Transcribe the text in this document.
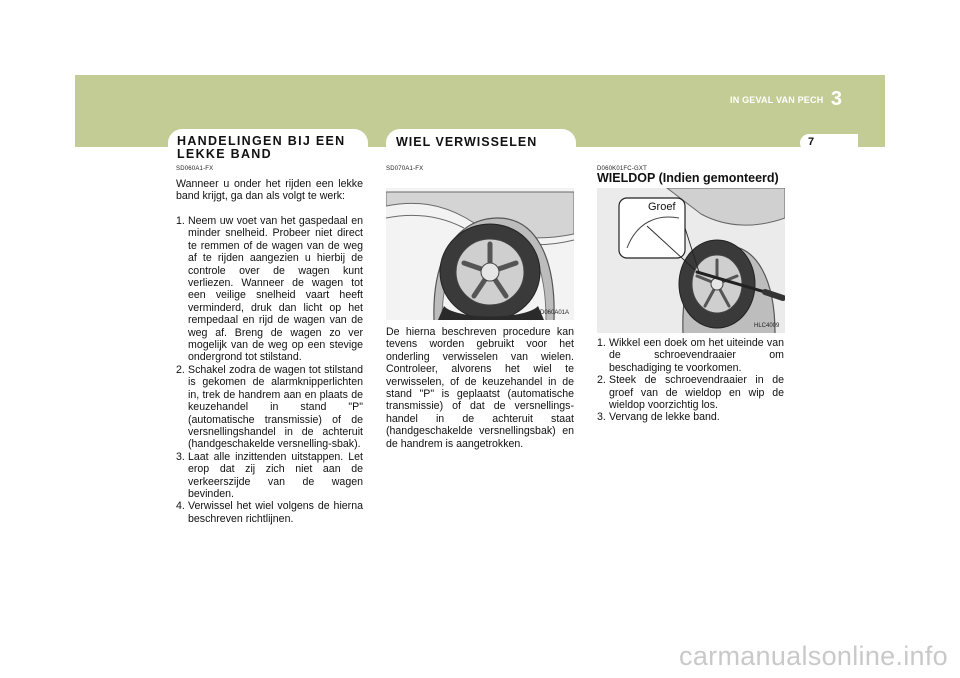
IN GEVAL VAN PECH 3
7
HANDELINGEN BIJ EEN
LEKKE BAND
SD060A1-FX
Wanneer u onder het rijden een lekke band krijgt, ga dan als volgt te werk:
1. Neem uw voet van het gaspedaal en minder snelheid. Probeer niet direct te remmen of de wagen van de weg af te rijden aangezien u hierbij de controle over de wagen kunt verliezen. Wanneer de wagen tot een veilige snelheid vaart heeft verminderd, druk dan licht op het rempedaal en rijd de wagen van de weg af. Breng de wagen zo ver mogelijk van de weg op een stevige ondergrond tot stilstand.
2. Schakel zodra de wagen tot stilstand is gekomen de alarmknipperlichten in, trek de handrem aan en plaats de keuzehandel in stand "P" (automatische transmissie) of de versnellingshandel in de achteruit (handgeschakelde versnelling-sbak).
3. Laat alle inzittenden uitstappen. Let erop dat zij zich niet aan de verkeerszijde van de wagen bevinden.
4. Verwissel het wiel volgens de hierna beschreven richtlijnen.
WIEL VERWISSELEN
SD070A1-FX
D060A01A
De hierna beschreven procedure kan tevens worden gebruikt voor het onderling verwisselen van wielen. Controleer, alvorens het wiel te verwisselen, of de keuzehandel in de stand "P" is geplaatst (automatische transmissie) of dat de versnellings-handel in de achteruit staat (handgeschakelde versnellingsbak) en de handrem is aangetrokken.
D060K01FC-GXT
WIELDOP (Indien gemonteerd)
Groef
HLC4009
1. Wikkel een doek om het uiteinde van de schroevendraaier om beschadiging te voorkomen.
2. Steek de schroevendraaier in de groef van de wieldop en wip de wieldop voorzichtig los.
3. Vervang de lekke band.
carmanualsonline.info
